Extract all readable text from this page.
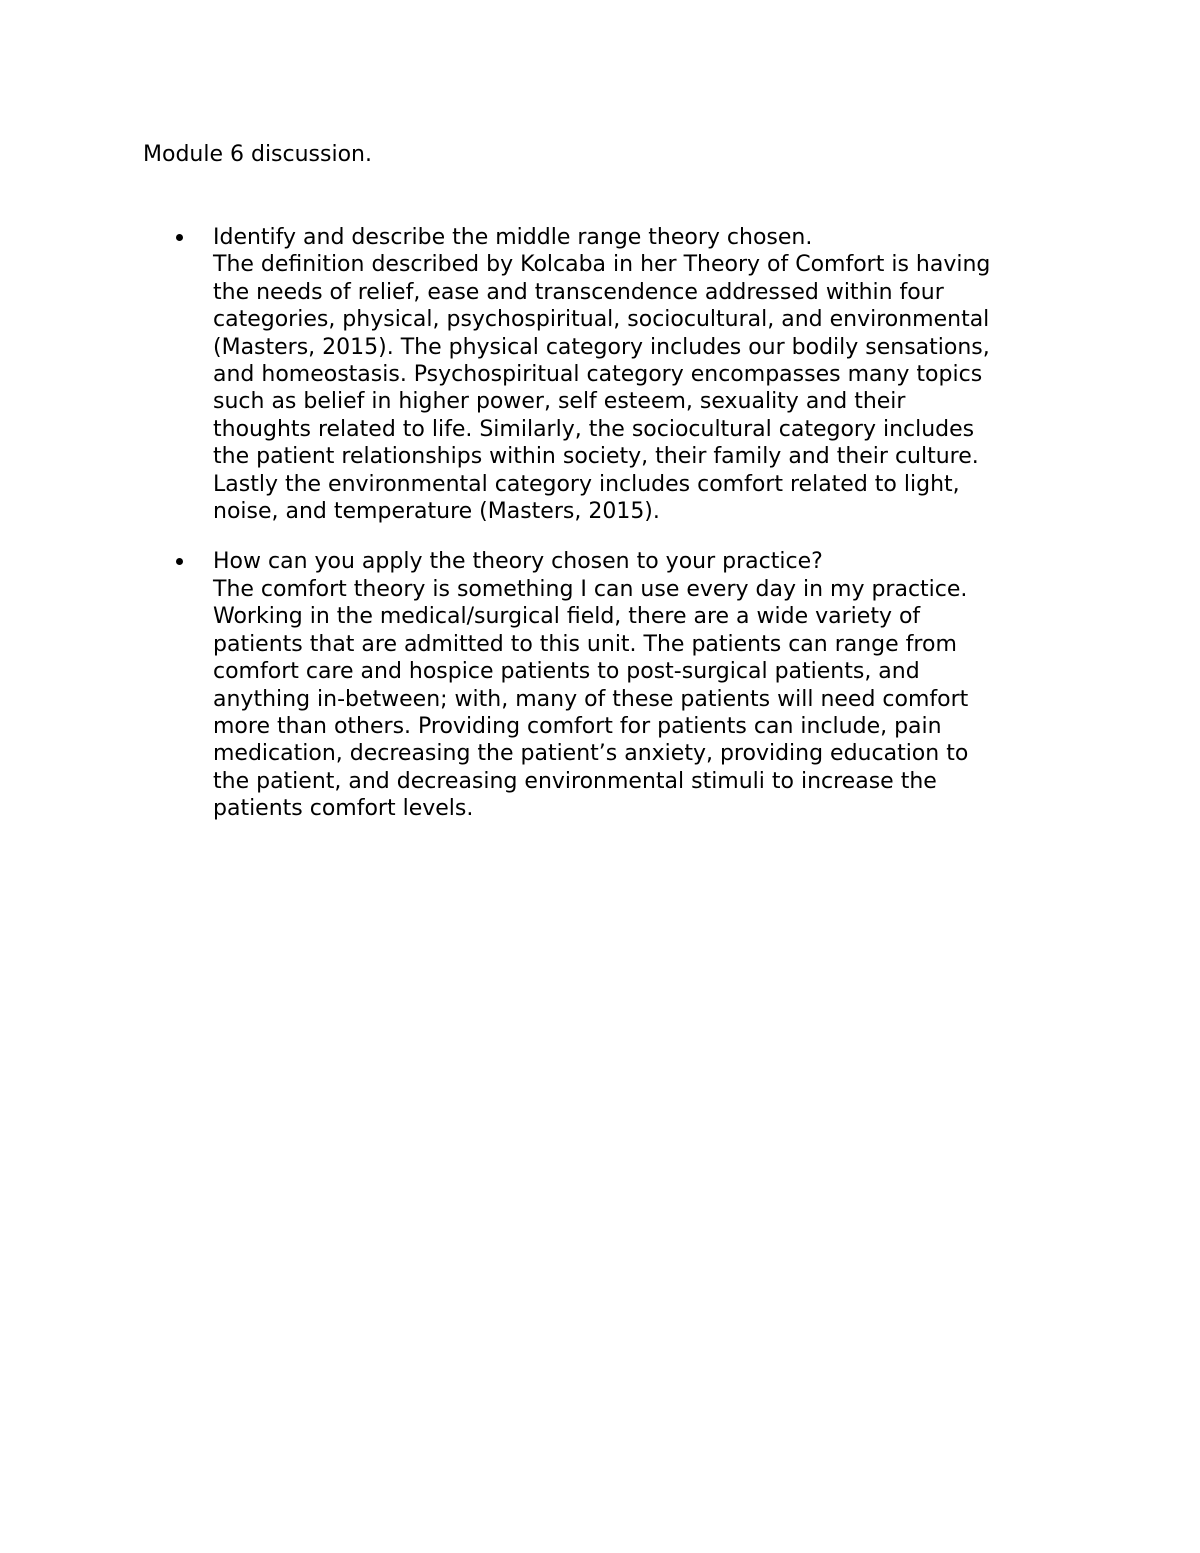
Module 6 discussion.
Identify and describe the middle range theory chosen.
The definition described by Kolcaba in her Theory of Comfort is having
the needs of relief, ease and transcendence addressed within four
categories, physical, psychospiritual, sociocultural, and environmental
(Masters, 2015). The physical category includes our bodily sensations,
and homeostasis. Psychospiritual category encompasses many topics
such as belief in higher power, self esteem, sexuality and their
thoughts related to life. Similarly, the sociocultural category includes
the patient relationships within society, their family and their culture.
Lastly the environmental category includes comfort related to light,
noise, and temperature (Masters, 2015).
How can you apply the theory chosen to your practice?
The comfort theory is something I can use every day in my practice.
Working in the medical/surgical field, there are a wide variety of
patients that are admitted to this unit. The patients can range from
comfort care and hospice patients to post-surgical patients, and
anything in-between; with, many of these patients will need comfort
more than others. Providing comfort for patients can include, pain
medication, decreasing the patient’s anxiety, providing education to
the patient, and decreasing environmental stimuli to increase the
patients comfort levels.
